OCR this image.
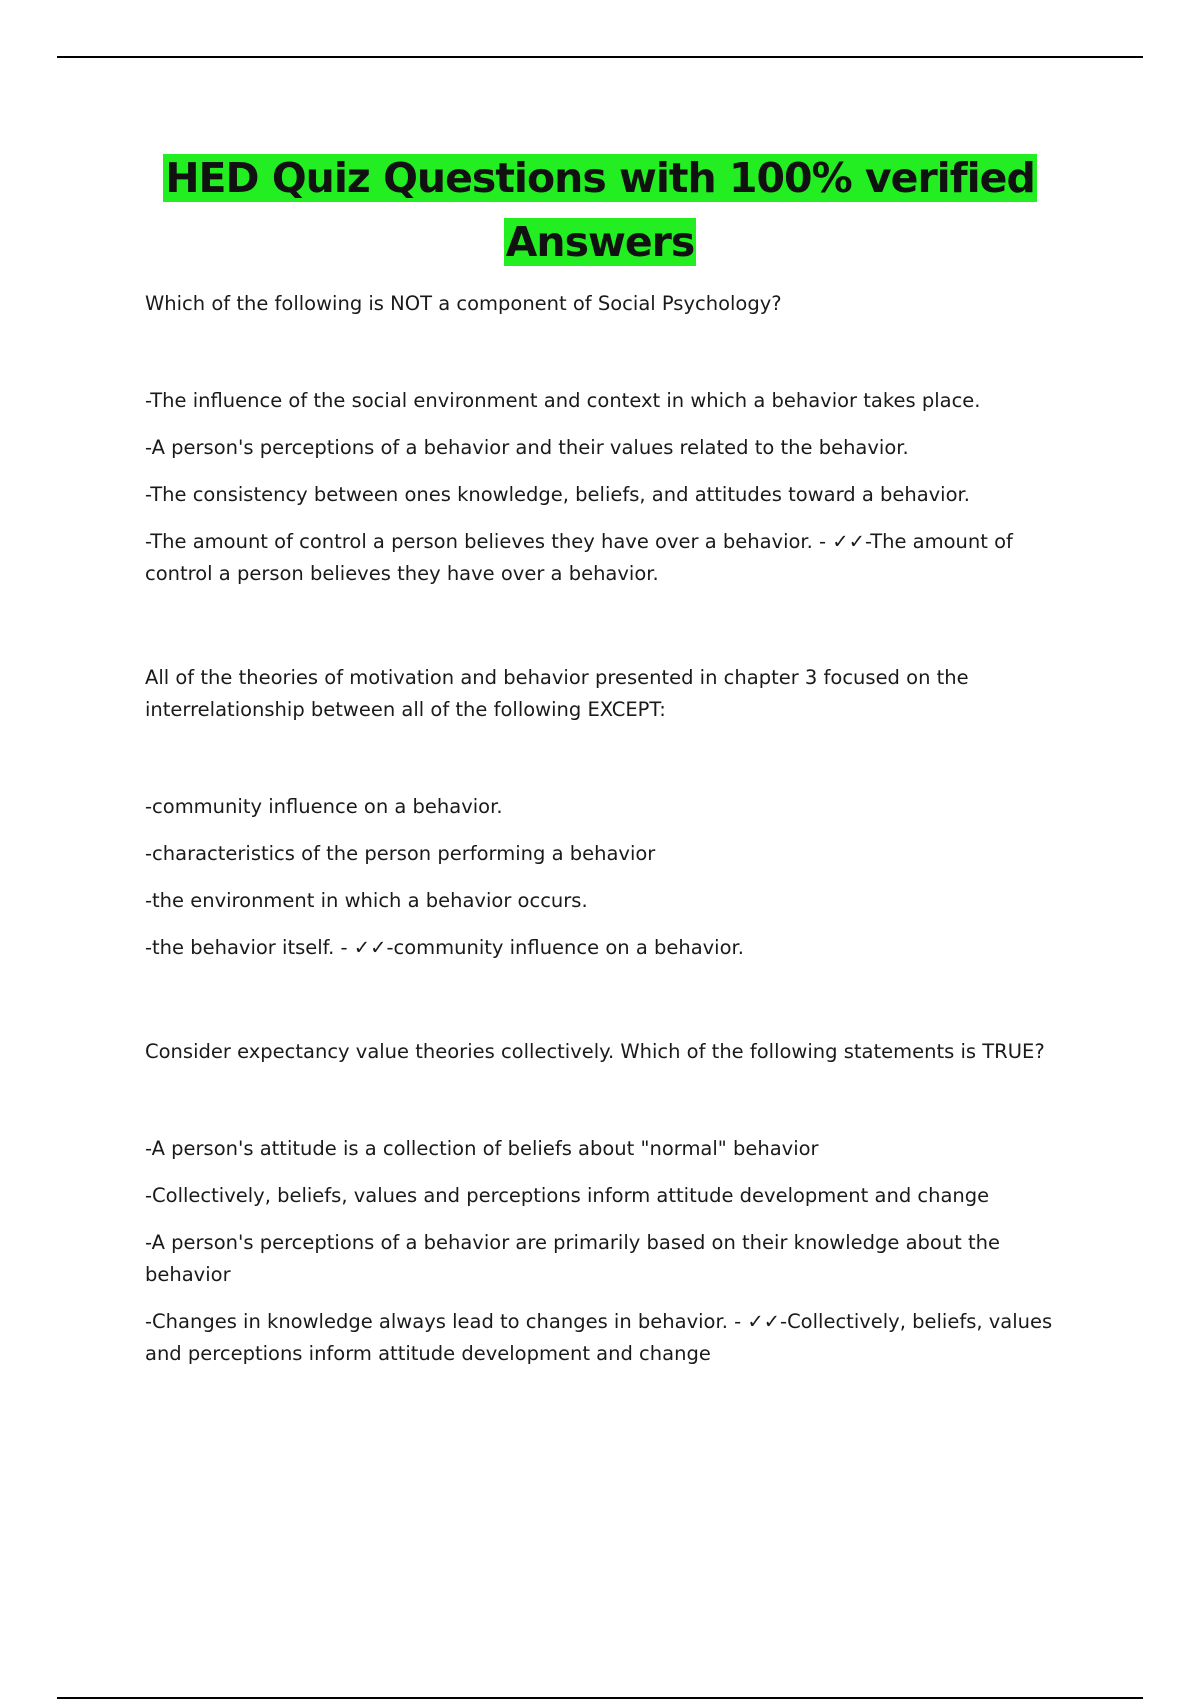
HED Quiz Questions with 100% verified
Answers

Which of the following is NOT a component of Social Psychology?

-The influence of the social environment and context in which a behavior takes place.

-A person's perceptions of a behavior and their values related to the behavior.

-The consistency between ones knowledge, beliefs, and attitudes toward a behavior.

-The amount of control a person believes they have over a behavior. - ✓✓-The amount of control a person believes they have over a behavior.

All of the theories of motivation and behavior presented in chapter 3 focused on the interrelationship between all of the following EXCEPT:

-community influence on a behavior.

-characteristics of the person performing a behavior

-the environment in which a behavior occurs.

-the behavior itself. - ✓✓-community influence on a behavior.

Consider expectancy value theories collectively. Which of the following statements is TRUE?

-A person's attitude is a collection of beliefs about "normal" behavior

-Collectively, beliefs, values and perceptions inform attitude development and change

-A person's perceptions of a behavior are primarily based on their knowledge about the behavior

-Changes in knowledge always lead to changes in behavior. - ✓✓-Collectively, beliefs, values and perceptions inform attitude development and change
